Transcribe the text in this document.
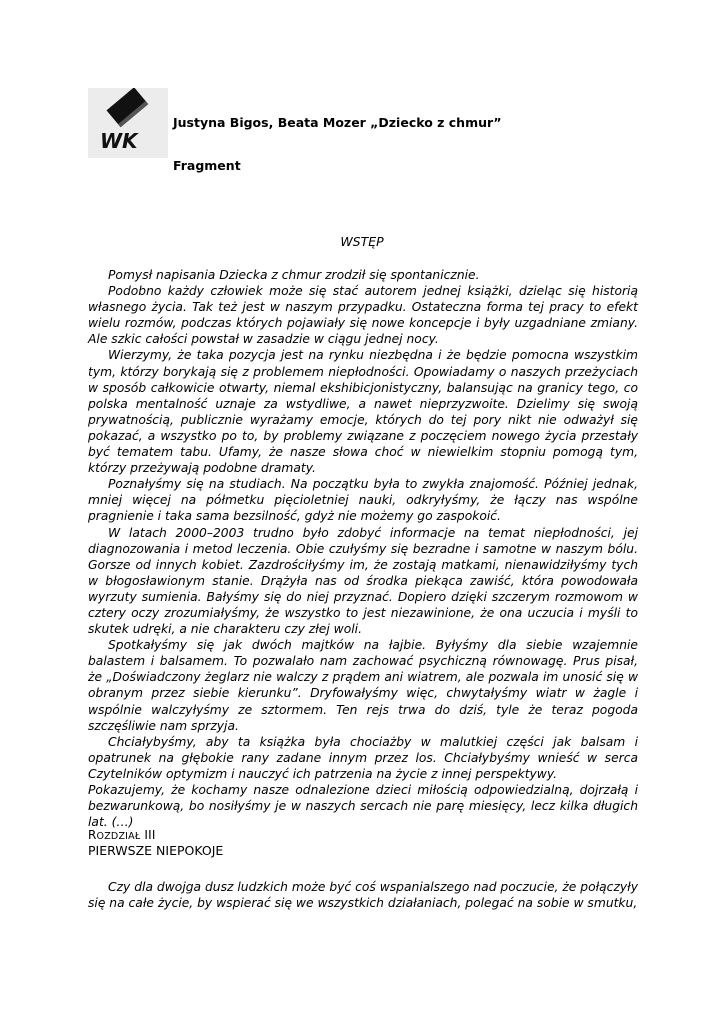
WK
Justyna Bigos, Beata Mozer „Dziecko z chmur”
Fragment
WSTĘP

Pomysł napisania Dziecka z chmur zrodził się spontanicznie.

Podobno każdy człowiek może się stać autorem jednej książki, dzieląc się historią własnego życia. Tak też jest w naszym przypadku. Ostateczna forma tej pracy to efekt wielu rozmów, podczas których pojawiały się nowe koncepcje i były uzgadniane zmiany. Ale szkic całości powstał w zasadzie w ciągu jednej nocy.

Wierzymy, że taka pozycja jest na rynku niezbędna i że będzie pomocna wszystkim tym, którzy borykają się z problemem niepłodności. Opowiadamy o naszych przeżyciach w sposób całkowicie otwarty, niemal ekshibicjonistyczny, balansując na granicy tego, co polska mentalność uznaje za wstydliwe, a nawet nieprzyzwoite. Dzielimy się swoją prywatnością, publicznie wyrażamy emocje, których do tej pory nikt nie odważył się pokazać, a wszystko po to, by problemy związane z poczęciem nowego życia przestały być tematem tabu. Ufamy, że nasze słowa choć w niewielkim stopniu pomogą tym, którzy przeżywają podobne dramaty.

Poznałyśmy się na studiach. Na początku była to zwykła znajomość. Później jednak, mniej więcej na półmetku pięcioletniej nauki, odkryłyśmy, że łączy nas wspólne pragnienie i taka sama bezsilność, gdyż nie możemy go zaspokoić.

W latach 2000–2003 trudno było zdobyć informacje na temat niepłodności, jej diagnozowania i metod leczenia. Obie czułyśmy się bezradne i samotne w naszym bólu. Gorsze od innych kobiet. Zazdrościłyśmy im, że zostają matkami, nienawidziłyśmy tych w błogosławionym stanie. Drążyła nas od środka piekąca zawiść, która powodowała wyrzuty sumienia. Bałyśmy się do niej przyznać. Dopiero dzięki szczerym rozmowom w cztery oczy zrozumiałyśmy, że wszystko to jest niezawinione, że ona uczucia i myśli to skutek udręki, a nie charakteru czy złej woli.

Spotkałyśmy się jak dwóch majtków na łajbie. Byłyśmy dla siebie wzajemnie balastem i balsamem. To pozwalało nam zachować psychiczną równowagę. Prus pisał, że „Doświadczony żeglarz nie walczy z prądem ani wiatrem, ale pozwala im unosić się w obranym przez siebie kierunku”. Dryfowałyśmy więc, chwytałyśmy wiatr w żagle i wspólnie walczyłyśmy ze sztormem. Ten rejs trwa do dziś, tyle że teraz pogoda szczęśliwie nam sprzyja.

Chciałybyśmy, aby ta książka była chociażby w malutkiej części jak balsam i opatrunek na głębokie rany zadane innym przez los. Chciałybyśmy wnieść w serca Czytelników optymizm i nauczyć ich patrzenia na życie z innej perspektywy.

Pokazujemy, że kochamy nasze odnalezione dzieci miłością odpowiedzialną, dojrzałą i bezwarunkową, bo nosiłyśmy je w naszych sercach nie parę miesięcy, lecz kilka długich lat. (…)

ROZDZIAŁ III
PIERWSZE NIEPOKOJE

Czy dla dwojga dusz ludzkich może być coś wspanialszego nad poczucie, że połączyły się na całe życie, by wspierać się we wszystkich działaniach, polegać na sobie w smutku,
